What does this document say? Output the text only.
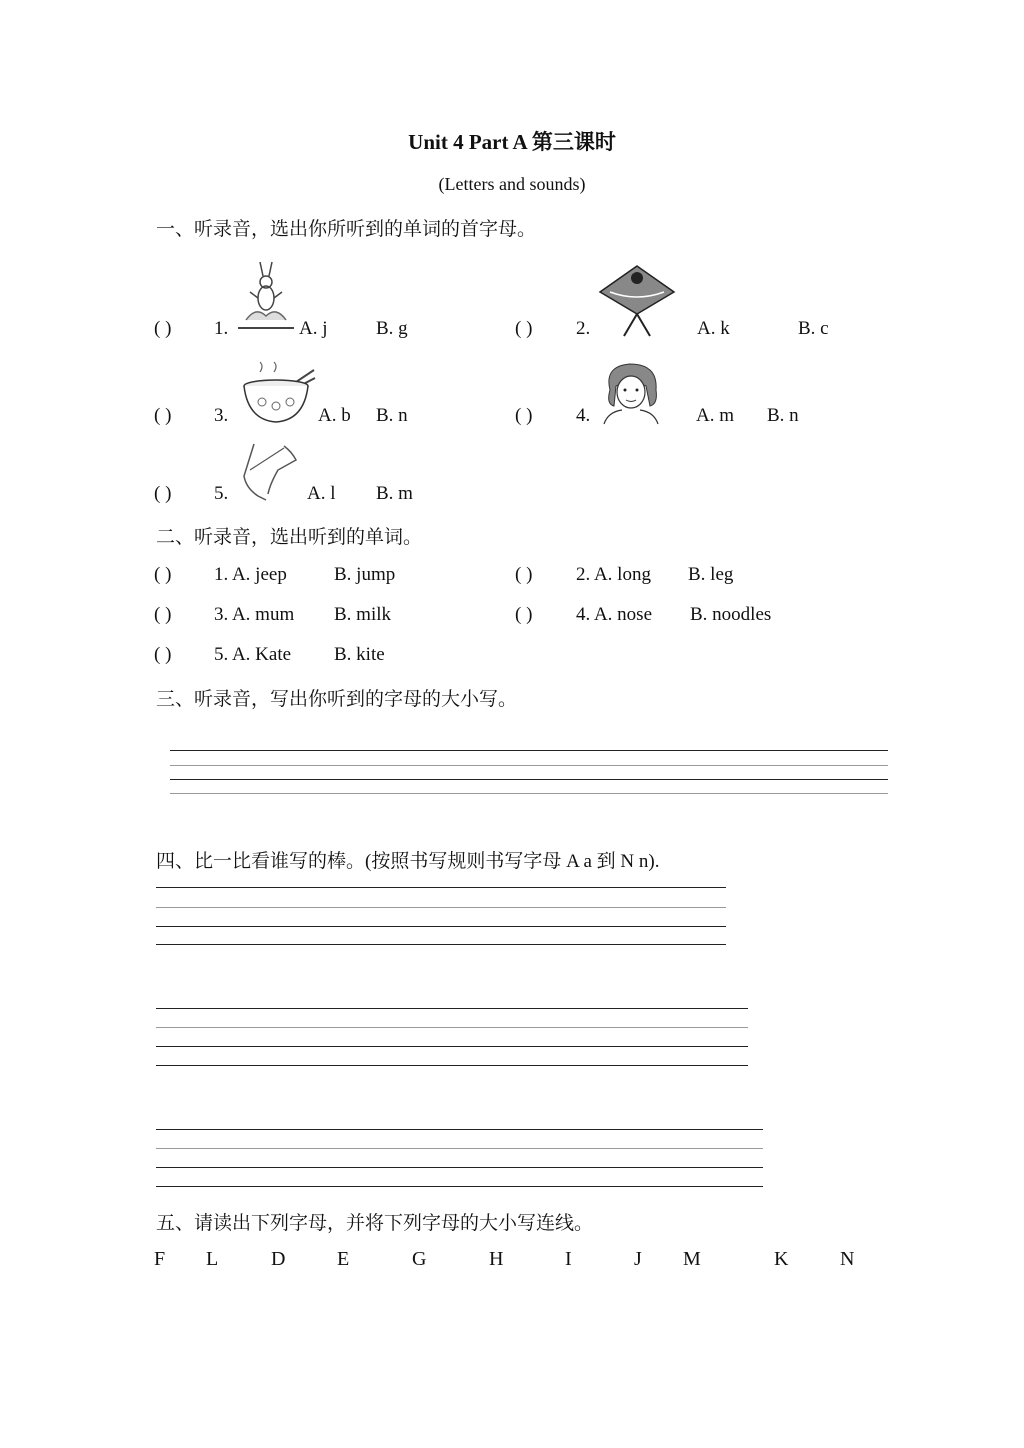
Unit 4 Part A 第三课时
(Letters and sounds)
一、听录音，选出你所听到的单词的首字母。
( ) 1.	A. j	B. g	( ) 2.	A. k	B. c
( ) 3.	A. b B. n	( ) 4.	A. m B. n
( ) 5.	A. l B. m
二、听录音，选出听到的单词。
( ) 1. A. jeep B. jump	( ) 2. A. long B. leg
( ) 3. A. mum B. milk	( ) 4. A. nose B. noodles
( ) 5. A. Kate B. kite
三、听录音，写出你听到的字母的大小写。
四、比一比看谁写的棒。(按照书写规则书写字母 A a 到 N n).
五、请读出下列字母，并将下列字母的大小写连线。
F L	D	E	G	H	I	J M	K	N
